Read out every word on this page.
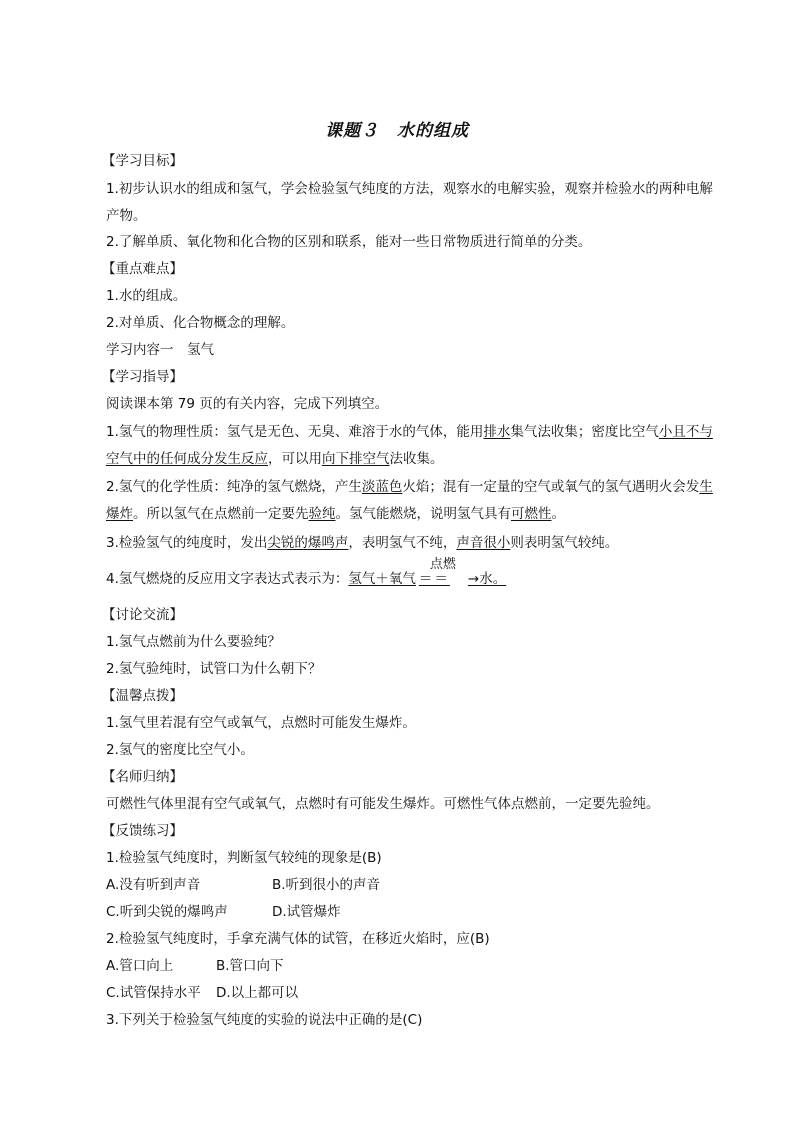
课题３　水的组成
【学习目标】
1.初步认识水的组成和氢气，学会检验氢气纯度的方法，观察水的电解实验，观察并检验水的两种电解产物。
2.了解单质、氧化物和化合物的区别和联系，能对一些日常物质进行简单的分类。
【重点难点】
1.水的组成。
2.对单质、化合物概念的理解。
学习内容一　氢气
【学习指导】
阅读课本第 79 页的有关内容，完成下列填空。
1.氢气的物理性质：氢气是无色、无臭、难溶于水的气体，能用排水集气法收集；密度比空气小且不与空气中的任何成分发生反应，可以用向下排空气法收集。
2.氢气的化学性质：纯净的氢气燃烧，产生淡蓝色火焰；混有一定量的空气或氧气的氢气遇明火会发生爆炸。所以氢气在点燃前一定要先验纯。氢气能燃烧，说明氢气具有可燃性。
3.检验氢气的纯度时，发出尖锐的爆鸣声，表明氢气不纯，声音很小则表明氢气较纯。
4.氢气燃烧的反应用文字表达式表示为：氢气＋氧气
点燃
＝＝ →水。
【讨论交流】
1.氢气点燃前为什么要验纯？
2.氢气验纯时，试管口为什么朝下？
【温馨点拨】
1.氢气里若混有空气或氧气，点燃时可能发生爆炸。
2.氢气的密度比空气小。
【名师归纳】
可燃性气体里混有空气或氧气，点燃时有可能发生爆炸。可燃性气体点燃前，一定要先验纯。
【反馈练习】
1.检验氢气纯度时，判断氢气较纯的现象是(B)
A.没有听到声音	B.听到很小的声音
C.听到尖锐的爆鸣声	D.试管爆炸
2.检验氢气纯度时，手拿充满气体的试管，在移近火焰时，应(B)
A.管口向上	B.管口向下
C.试管保持水平 D.以上都可以
3.下列关于检验氢气纯度的实验的说法中正确的是(C)
